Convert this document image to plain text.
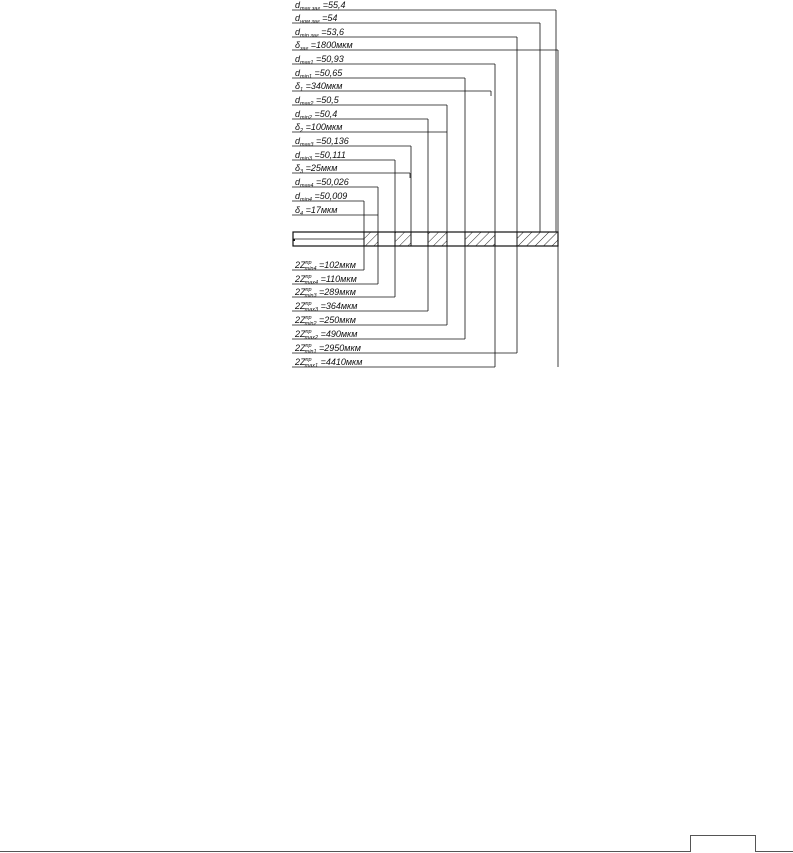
$d_{max заг} =55,4$
$d_{ном заг} =54$
$d_{min заг} =53,6$
$\delta_{заг} =1800мкм$
$d_{max1} =50,93$
$d_{min1} =50,65$
$\delta_1 =340мкм$
$d_{max2} =50,5$
$d_{min2} =50,4$
$\delta_2 =100мкм$
$d_{max3} =50,136$
$d_{min3} =50,111$
$\delta_3 =25мкм$
$d_{max4} =50,026$
$d_{min4} =50,009$
$\delta_4 =17мкм$
$2Z^{пр}$ min4 =102мкм
$2Z^{пр}$ max4 =110мкм
$2Z^{пр}$ min3 =289мкм
$2Z^{пр}$ max3 =364мкм
$2Z^{пр}$ min2 =250мкм
$2Z^{пр}$ max2 =490мкм
$2Z^{пр}$ min1 =2950мкм
$2Z^{пр}$ max1 =4410мкм
